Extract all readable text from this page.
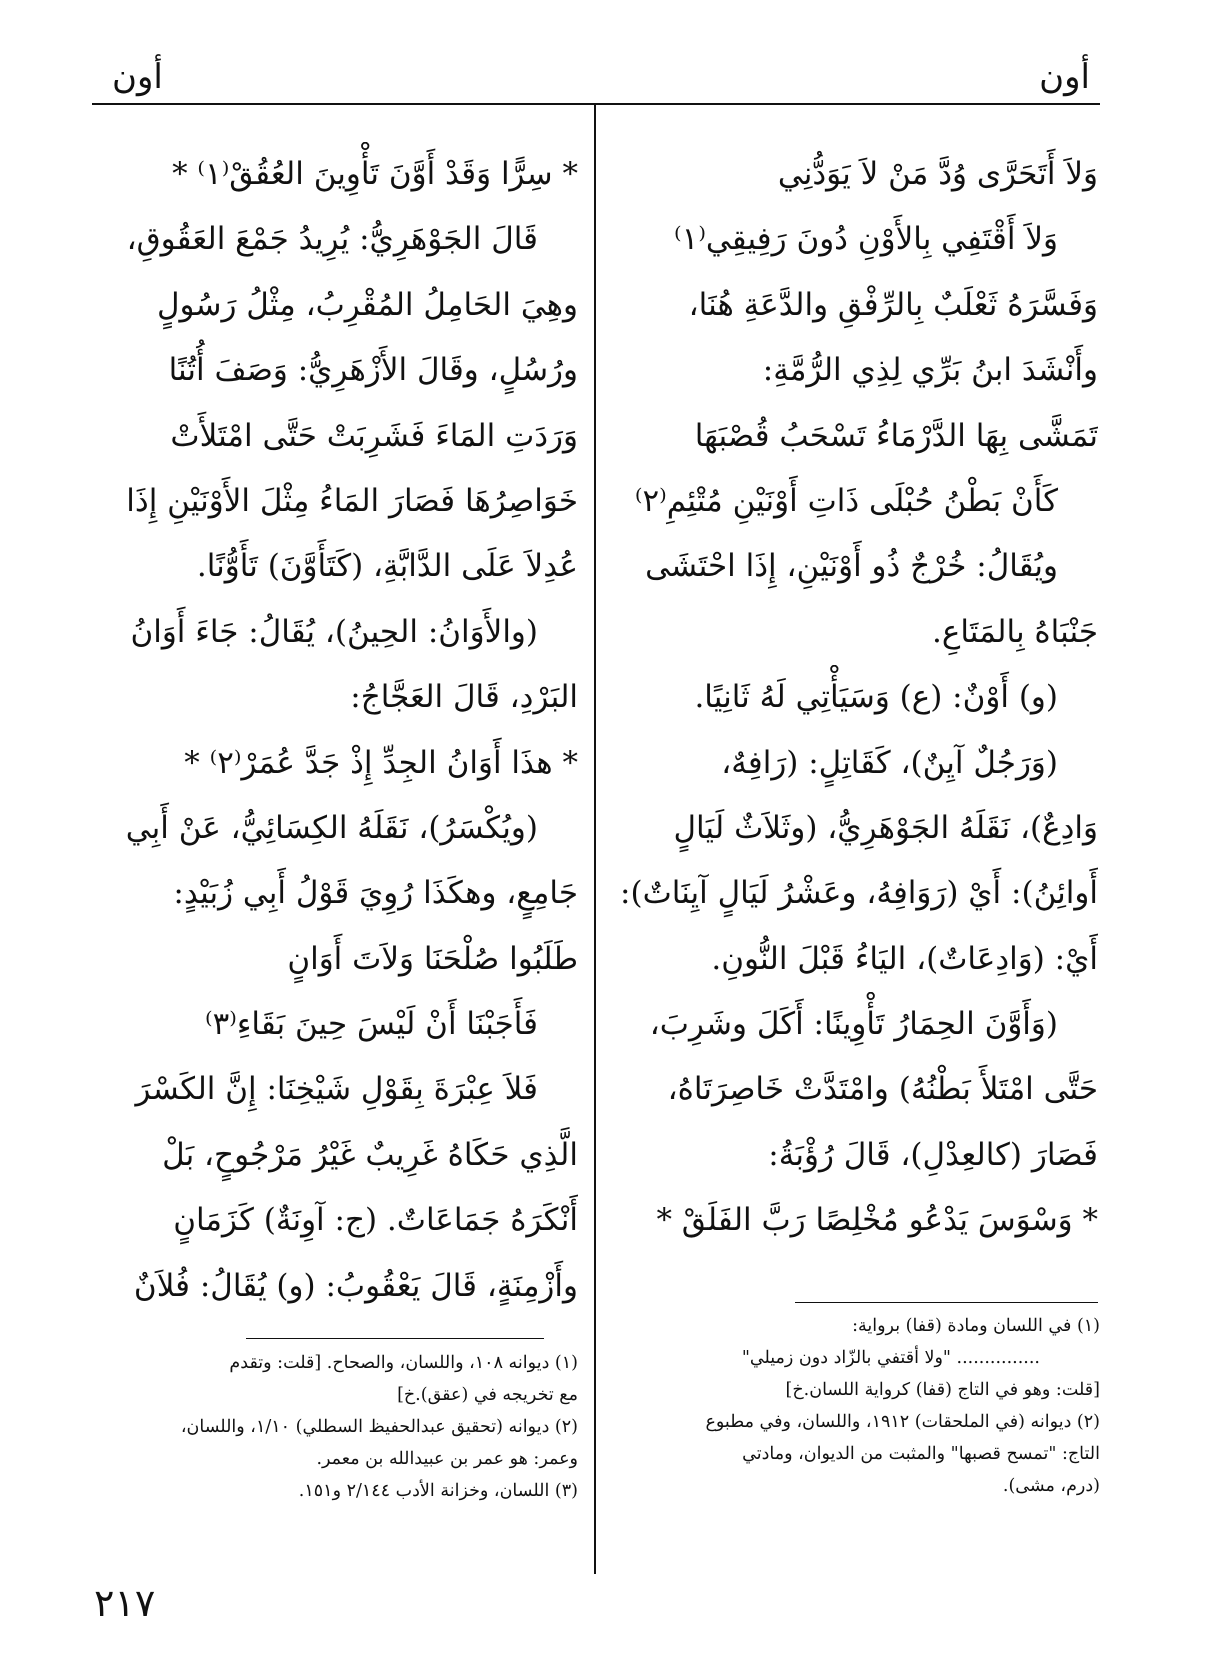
أون
أون
وَلاَ أَتَحَرَّى وُدَّ مَنْ لاَ يَوَدُّنِي
وَلاَ أَقْتَفِي بِالأَوْنِ دُونَ رَفِيقِي⁽١⁾
وَفَسَّرَهُ ثَعْلَبٌ بِالرِّفْقِ والدَّعَةِ هُنَا،
وأَنْشَدَ ابنُ بَرِّي لِذِي الرُّمَّةِ:
تَمَشَّى بِهَا الدَّرْمَاءُ تَسْحَبُ قُصْبَهَا
كَأَنْ بَطْنُ حُبْلَى ذَاتِ أَوْنَيْنِ مُتْئِمِ⁽٢⁾
ويُقَالُ: خُرْجٌ ذُو أَوْنَيْنِ، إِذَا احْتَشَى
جَنْبَاهُ بِالمَتَاعِ.
(و) أَوْنٌ: (ع) وَسَيَأْتِي لَهُ ثَانِيًا.
(وَرَجُلٌ آيِنٌ)، كَقَاتِلٍ: (رَافِهٌ،
وَادِعٌ)، نَقَلَهُ الجَوْهَرِيُّ، (وثَلاَثٌ لَيَالٍ
أَوائِنُ): أَيْ (رَوَافِهُ، وعَشْرُ لَيَالٍ آيِنَاتٌ):
أَيْ: (وَادِعَاتٌ)، اليَاءُ قَبْلَ النُّونِ.
(وَأَوَّنَ الحِمَارُ تَأْوِينًا: أَكَلَ وشَرِبَ،
حَتَّى امْتَلأَ بَطْنُهُ) وامْتَدَّتْ خَاصِرَتَاهُ،
فَصَارَ (كالعِدْلِ)، قَالَ رُؤْبَةُ:
* وَسْوَسَ يَدْعُو مُخْلِصًا رَبَّ الفَلَقْ *
* سِرًّا وَقَدْ أَوَّنَ تَأْوِينَ العُقُقْ⁽١⁾ *
قَالَ الجَوْهَرِيُّ: يُرِيدُ جَمْعَ العَقُوقِ،
وهِيَ الحَامِلُ المُقْرِبُ، مِثْلُ رَسُولٍ
ورُسُلٍ، وقَالَ الأَزْهَرِيُّ: وَصَفَ أُتُنًا
وَرَدَتِ المَاءَ فَشَرِبَتْ حَتَّى امْتَلأَتْ
خَوَاصِرُهَا فَصَارَ المَاءُ مِثْلَ الأَوْنَيْنِ إِذَا
عُدِلاَ عَلَى الدَّابَّةِ، (كَتَأَوَّنَ) تَأَوُّنًا.
(والأَوَانُ: الحِينُ)، يُقَالُ: جَاءَ أَوَانُ
البَرْدِ، قَالَ العَجَّاجُ:
* هذَا أَوَانُ الجِدِّ إِذْ جَدَّ عُمَرْ⁽٢⁾ *
(ويُكْسَرُ)، نَقَلَهُ الكِسَائِيُّ، عَنْ أَبِي
جَامِعٍ، وهكَذَا رُوِيَ قَوْلُ أَبِي زُبَيْدٍ:
طَلَبُوا صُلْحَنَا وَلاَتَ أَوَانٍ
فَأَجَبْنَا أَنْ لَيْسَ حِينَ بَقَاءِ⁽٣⁾
فَلاَ عِبْرَةَ بِقَوْلِ شَيْخِنَا: إِنَّ الكَسْرَ
الَّذِي حَكَاهُ غَرِيبٌ غَيْرُ مَرْجُوحٍ، بَلْ
أَنْكَرَهُ جَمَاعَاتٌ. (ج: آوِنَةٌ) كَزَمَانٍ
وأَزْمِنَةٍ، قَالَ يَعْقُوبُ: (و) يُقَالُ: فُلاَنٌ
(١) في اللسان ومادة (قفا) برواية:
............... "ولا أقتفي بالزّاد دون زميلي"
[قلت: وهو في التاج (قفا) كرواية اللسان.خ]
(٢) ديوانه (في الملحقات) ١٩١٢، واللسان، وفي مطبوع
التاج: "تمسح قصبها" والمثبت من الديوان، ومادتي
(درم، مشى).
(١) ديوانه ١٠٨، واللسان، والصحاح. [قلت: وتقدم
مع تخريجه في (عقق).خ]
(٢) ديوانه (تحقيق عبدالحفيظ السطلي) ١/١٠، واللسان،
وعمر: هو عمر بن عبيدالله بن معمر.
(٣) اللسان، وخزانة الأدب ٢/١٤٤ و١٥١.
٢١٧
